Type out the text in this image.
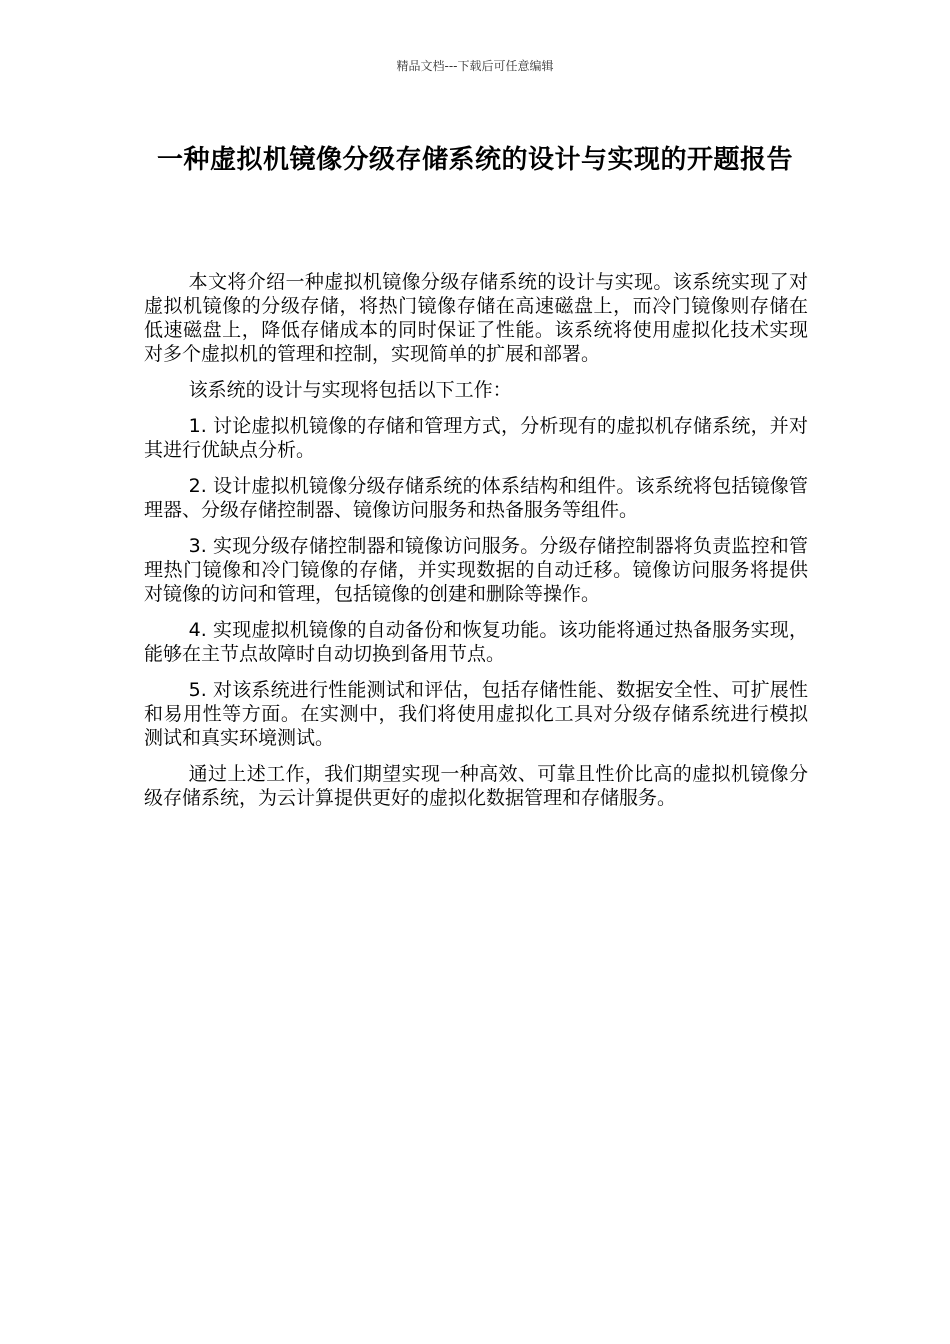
精品文档---下载后可任意编辑
一种虚拟机镜像分级存储系统的设计与实现的开题报告

本文将介绍一种虚拟机镜像分级存储系统的设计与实现。该系统实现了对虚拟机镜像的分级存储，将热门镜像存储在高速磁盘上，而冷门镜像则存储在低速磁盘上，降低存储成本的同时保证了性能。该系统将使用虚拟化技术实现对多个虚拟机的管理和控制，实现简单的扩展和部署。

该系统的设计与实现将包括以下工作：

1. 讨论虚拟机镜像的存储和管理方式，分析现有的虚拟机存储系统，并对其进行优缺点分析。

2. 设计虚拟机镜像分级存储系统的体系结构和组件。该系统将包括镜像管理器、分级存储控制器、镜像访问服务和热备服务等组件。

3. 实现分级存储控制器和镜像访问服务。分级存储控制器将负责监控和管理热门镜像和冷门镜像的存储，并实现数据的自动迁移。镜像访问服务将提供对镜像的访问和管理，包括镜像的创建和删除等操作。

4. 实现虚拟机镜像的自动备份和恢复功能。该功能将通过热备服务实现，能够在主节点故障时自动切换到备用节点。

5. 对该系统进行性能测试和评估，包括存储性能、数据安全性、可扩展性和易用性等方面。在实测中，我们将使用虚拟化工具对分级存储系统进行模拟测试和真实环境测试。

通过上述工作，我们期望实现一种高效、可靠且性价比高的虚拟机镜像分级存储系统，为云计算提供更好的虚拟化数据管理和存储服务。
